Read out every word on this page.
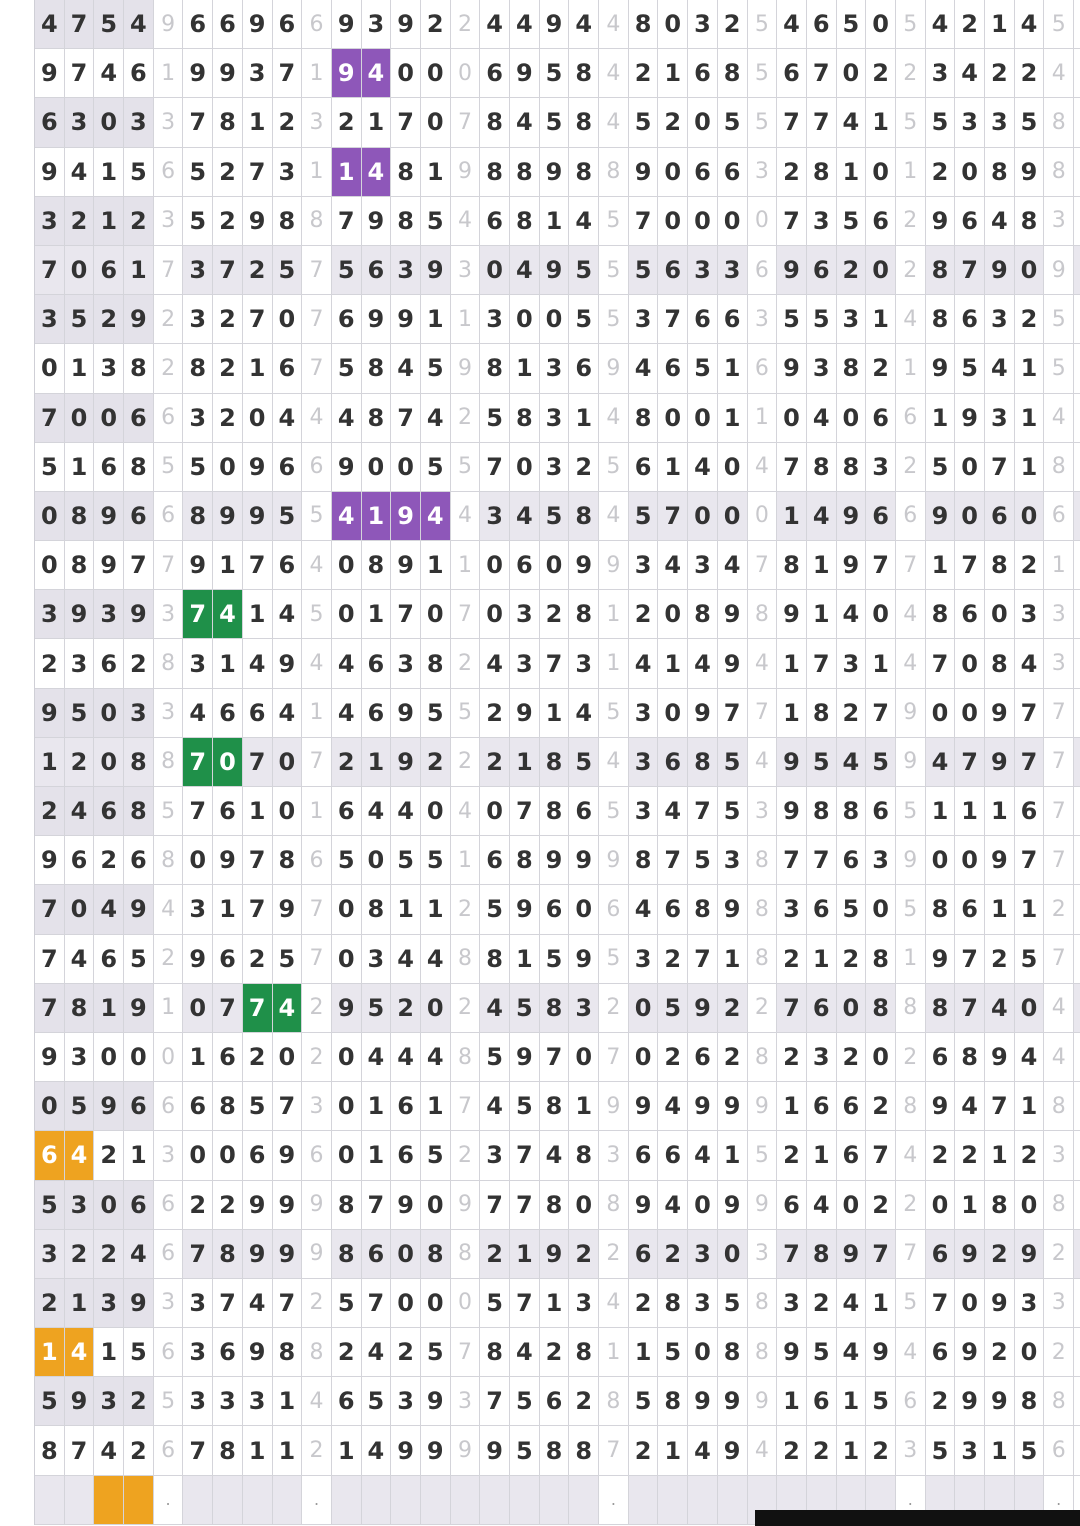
4 7 5 4 9 6 6 9 6 6 9 3 9 2 2 4 4 9 4 4 8 0 3 2 5 4 6 5 0 5 4 2 1 4 5
9 7 4 6 1 9 9 3 7 1 9 4 0 0 0 6 9 5 8 4 2 1 6 8 5 6 7 0 2 2 3 4 2 2 4
6 3 0 3 3 7 8 1 2 3 2 1 7 0 7 8 4 5 8 4 5 2 0 5 5 7 7 4 1 5 5 3 3 5 8
9 4 1 5 6 5 2 7 3 1 1 4 8 1 9 8 8 9 8 8 9 0 6 6 3 2 8 1 0 1 2 0 8 9 8
3 2 1 2 3 5 2 9 8 8 7 9 8 5 4 6 8 1 4 5 7 0 0 0 0 7 3 5 6 2 9 6 4 8 3
7 0 6 1 7 3 7 2 5 7 5 6 3 9 3 0 4 9 5 5 5 6 3 3 6 9 6 2 0 2 8 7 9 0 9
3 5 2 9 2 3 2 7 0 7 6 9 9 1 1 3 0 0 5 5 3 7 6 6 3 5 5 3 1 4 8 6 3 2 5
0 1 3 8 2 8 2 1 6 7 5 8 4 5 9 8 1 3 6 9 4 6 5 1 6 9 3 8 2 1 9 5 4 1 5
7 0 0 6 6 3 2 0 4 4 4 8 7 4 2 5 8 3 1 4 8 0 0 1 1 0 4 0 6 6 1 9 3 1 4
5 1 6 8 5 5 0 9 6 6 9 0 0 5 5 7 0 3 2 5 6 1 4 0 4 7 8 8 3 2 5 0 7 1 8
0 8 9 6 6 8 9 9 5 5 4 1 9 4 4 3 4 5 8 4 5 7 0 0 0 1 4 9 6 6 9 0 6 0 6
0 8 9 7 7 9 1 7 6 4 0 8 9 1 1 0 6 0 9 9 3 4 3 4 7 8 1 9 7 7 1 7 8 2 1
3 9 3 9 3 7 4 1 4 5 0 1 7 0 7 0 3 2 8 1 2 0 8 9 8 9 1 4 0 4 8 6 0 3 3
2 3 6 2 8 3 1 4 9 4 4 6 3 8 2 4 3 7 3 1 4 1 4 9 4 1 7 3 1 4 7 0 8 4 3
9 5 0 3 3 4 6 6 4 1 4 6 9 5 5 2 9 1 4 5 3 0 9 7 7 1 8 2 7 9 0 0 9 7 7
1 2 0 8 8 7 0 7 0 7 2 1 9 2 2 2 1 8 5 4 3 6 8 5 4 9 5 4 5 9 4 7 9 7 7
2 4 6 8 5 7 6 1 0 1 6 4 4 0 4 0 7 8 6 5 3 4 7 5 3 9 8 8 6 5 1 1 1 6 7
9 6 2 6 8 0 9 7 8 6 5 0 5 5 1 6 8 9 9 9 8 7 5 3 8 7 7 6 3 9 0 0 9 7 7
7 0 4 9 4 3 1 7 9 7 0 8 1 1 2 5 9 6 0 6 4 6 8 9 8 3 6 5 0 5 8 6 1 1 2
7 4 6 5 2 9 6 2 5 7 0 3 4 4 8 8 1 5 9 5 3 2 7 1 8 2 1 2 8 1 9 7 2 5 7
7 8 1 9 1 0 7 7 4 2 9 5 2 0 2 4 5 8 3 2 0 5 9 2 2 7 6 0 8 8 8 7 4 0 4
9 3 0 0 0 1 6 2 0 2 0 4 4 4 8 5 9 7 0 7 0 2 6 2 8 2 3 2 0 2 6 8 9 4 4
0 5 9 6 6 6 8 5 7 3 0 1 6 1 7 4 5 8 1 9 9 4 9 9 9 1 6 6 2 8 9 4 7 1 8
6 4 2 1 3 0 0 6 9 6 0 1 6 5 2 3 7 4 8 3 6 6 4 1 5 2 1 6 7 4 2 2 1 2 3
5 3 0 6 6 2 2 9 9 9 8 7 9 0 9 7 7 8 0 8 9 4 0 9 9 6 4 0 2 2 0 1 8 0 8
3 2 2 4 6 7 8 9 9 9 8 6 0 8 8 2 1 9 2 2 6 2 3 0 3 7 8 9 7 7 6 9 2 9 2
2 1 3 9 3 3 7 4 7 2 5 7 0 0 0 5 7 1 3 4 2 8 3 5 8 3 2 4 1 5 7 0 9 3 3
1 4 1 5 6 3 6 9 8 8 2 4 2 5 7 8 4 2 8 1 1 5 0 8 8 9 5 4 9 4 6 9 2 0 2
5 9 3 2 5 3 3 3 1 4 6 5 3 9 3 7 5 6 2 8 5 8 9 9 9 1 6 1 5 6 2 9 9 8 8
8 7 4 2 6 7 8 1 1 2 1 4 9 9 9 9 5 8 8 7 2 1 4 9 4 2 2 1 2 3 5 3 1 5 6
.	.	.	.	.
